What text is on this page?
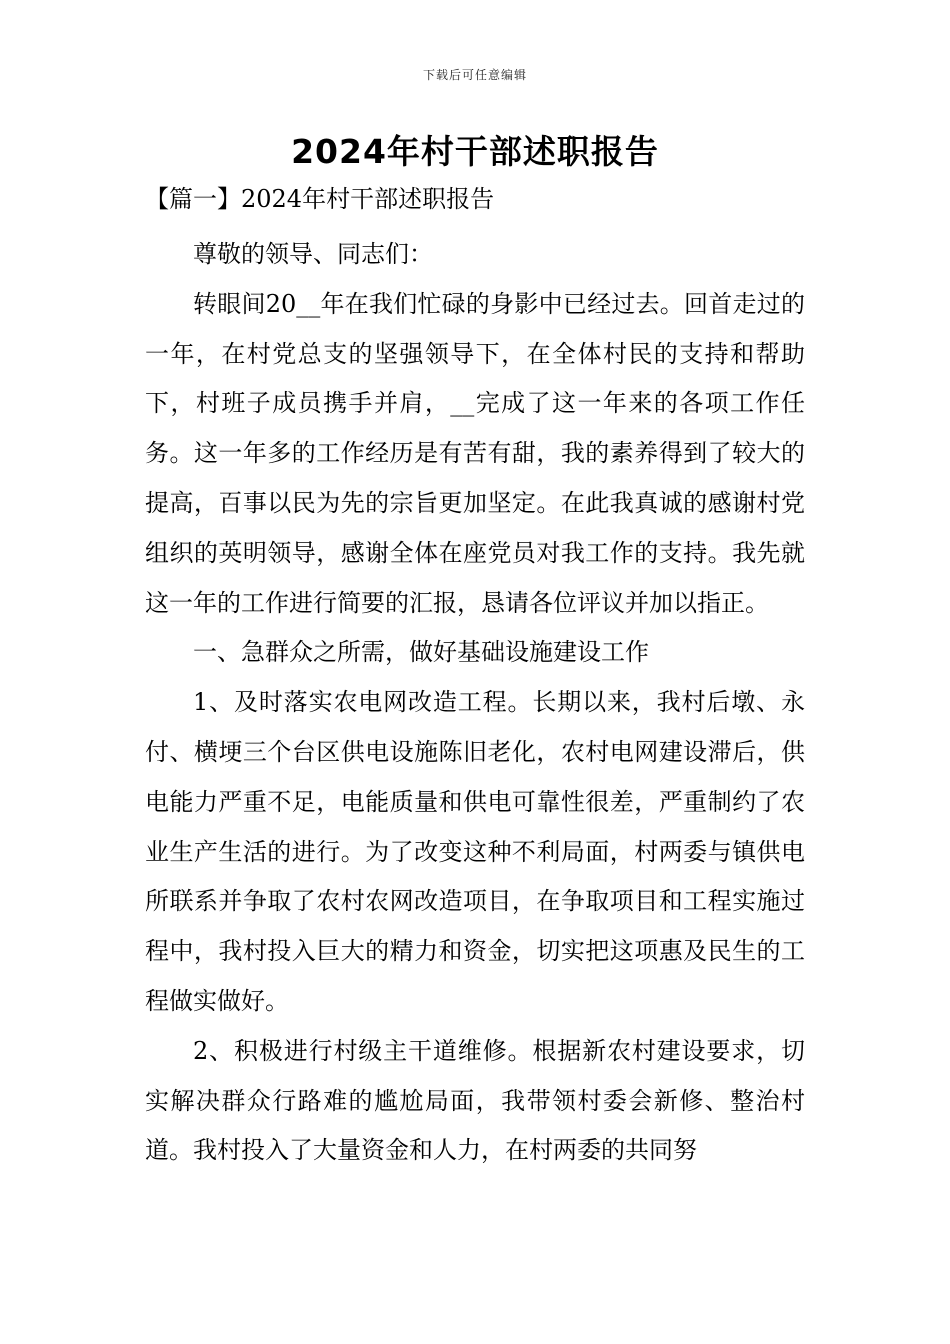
下载后可任意编辑
2024年村干部述职报告
【篇一】2024年村干部述职报告

尊敬的领导、同志们：

转眼间20__年在我们忙碌的身影中已经过去。回首走过的一年，在村党总支的坚强领导下，在全体村民的支持和帮助下，村班子成员携手并肩，__完成了这一年来的各项工作任务。这一年多的工作经历是有苦有甜，我的素养得到了较大的提高，百事以民为先的宗旨更加坚定。在此我真诚的感谢村党组织的英明领导，感谢全体在座党员对我工作的支持。我先就这一年的工作进行简要的汇报，恳请各位评议并加以指正。

一、急群众之所需，做好基础设施建设工作

1、及时落实农电网改造工程。长期以来，我村后墩、永付、横埂三个台区供电设施陈旧老化，农村电网建设滞后，供电能力严重不足，电能质量和供电可靠性很差，严重制约了农业生产生活的进行。为了改变这种不利局面，村两委与镇供电所联系并争取了农村农网改造项目，在争取项目和工程实施过程中，我村投入巨大的精力和资金，切实把这项惠及民生的工程做实做好。

2、积极进行村级主干道维修。根据新农村建设要求，切实解决群众行路难的尴尬局面，我带领村委会新修、整治村道。我村投入了大量资金和人力，在村两委的共同努
